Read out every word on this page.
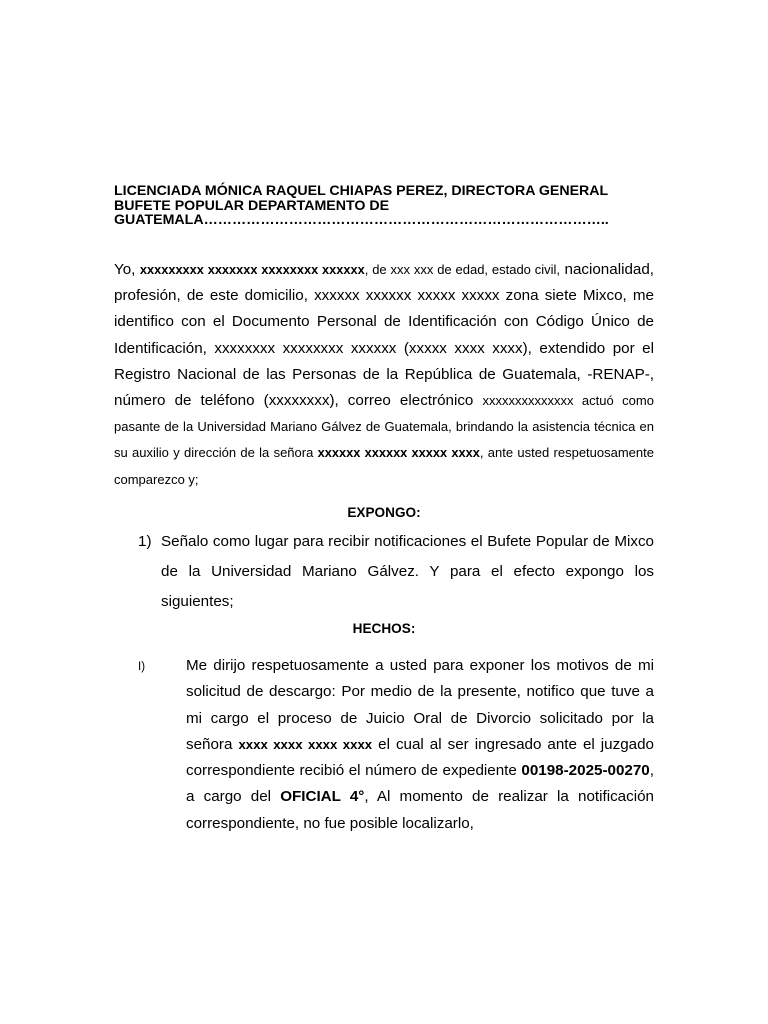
LICENCIADA MÓNICA RAQUEL CHIAPAS PEREZ, DIRECTORA GENERAL
BUFETE POPULAR DEPARTAMENTO DE
GUATEMALA…………………………………………………………………………..
Yo, xxxxxxxxx xxxxxxx xxxxxxxx xxxxxx, de xxx xxx de edad, estado civil, nacionalidad, profesión, de este domicilio, xxxxxx xxxxxx xxxxx xxxxx zona siete Mixco, me identifico con el Documento Personal de Identificación con Código Único de Identificación, xxxxxxxx xxxxxxxx xxxxxx (xxxxx xxxx xxxx), extendido por el Registro Nacional de las Personas de la República de Guatemala, -RENAP-, número de teléfono (xxxxxxxx), correo electrónico xxxxxxxxxxxxxx actuó como pasante de la Universidad Mariano Gálvez de Guatemala, brindando la asistencia técnica en su auxilio y dirección de la señora xxxxxx xxxxxx xxxxx xxxx, ante usted respetuosamente comparezco y;
EXPONGO:
1) Señalo como lugar para recibir notificaciones el Bufete Popular de Mixco de la Universidad Mariano Gálvez. Y para el efecto expongo los siguientes;
HECHOS:
I)	Me dirijo respetuosamente a usted para exponer los motivos de mi solicitud de descargo: Por medio de la presente, notifico que tuve a mi cargo el proceso de Juicio Oral de Divorcio solicitado por la señora xxxx xxxx xxxx xxxx el cual al ser ingresado ante el juzgado correspondiente recibió el número de expediente 00198-2025-00270, a cargo del OFICIAL 4°, Al momento de realizar la notificación correspondiente, no fue posible localizarlo,
